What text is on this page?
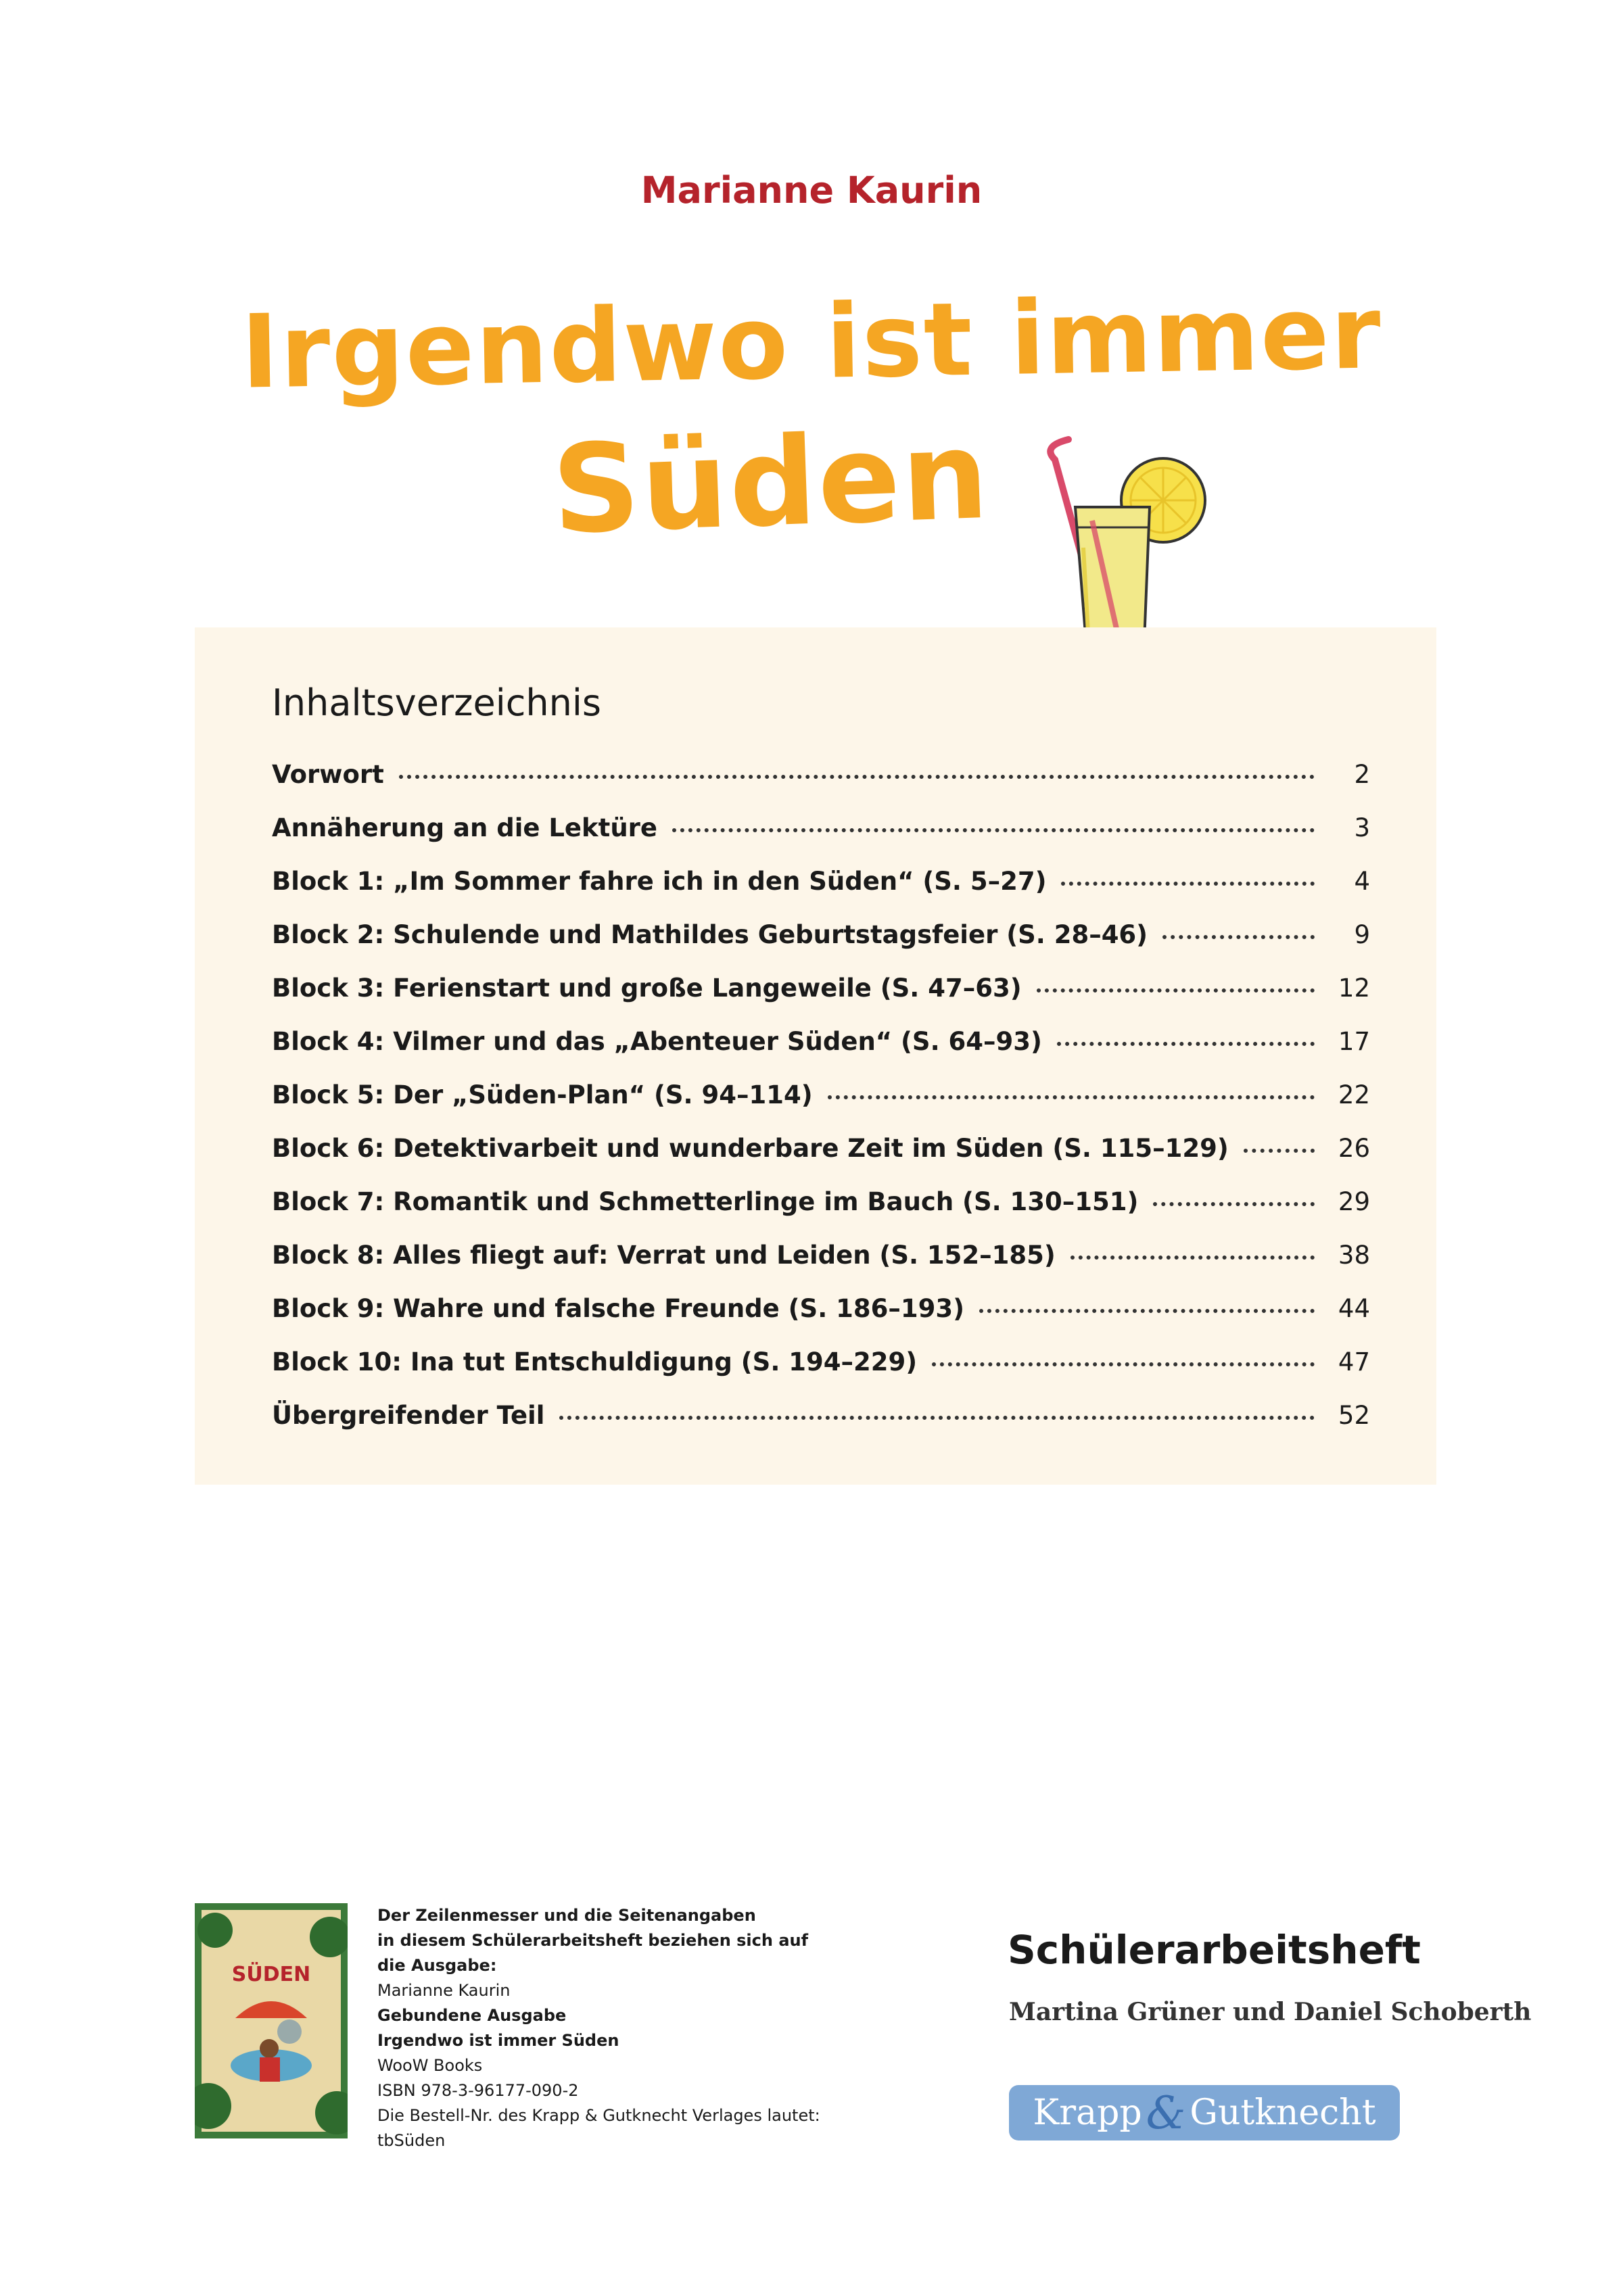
Marianne Kaurin
Irgendwo ist immer
Süden
Inhaltsverzeichnis
Vorwort	2
Annäherung an die Lektüre	3
Block 1: „Im Sommer fahre ich in den Süden“ (S. 5–27)	4
Block 2: Schulende und Mathildes Geburtstagsfeier (S. 28–46)	9
Block 3: Ferienstart und große Langeweile (S. 47–63)	12
Block 4: Vilmer und das „Abenteuer Süden“ (S. 64–93)	17
Block 5: Der „Süden-Plan“ (S. 94–114)	22
Block 6: Detektivarbeit und wunderbare Zeit im Süden (S. 115–129)	26
Block 7: Romantik und Schmetterlinge im Bauch (S. 130–151)	29
Block 8: Alles fliegt auf: Verrat und Leiden (S. 152–185)	38
Block 9: Wahre und falsche Freunde (S. 186–193)	44
Block 10: Ina tut Entschuldigung (S. 194–229)	47
Übergreifender Teil	52
SÜDEN
Der Zeilenmesser und die Seitenangaben
in diesem Schülerarbeitsheft beziehen sich auf
die Ausgabe:
Marianne Kaurin
Gebundene Ausgabe
Irgendwo ist immer Süden
WooW Books
ISBN 978-3-96177-090-2
Die Bestell-Nr. des Krapp & Gutknecht Verlages lautet:
tbSüden
Schülerarbeitsheft
Martina Grüner und Daniel Schoberth
Krapp & Gutknecht
